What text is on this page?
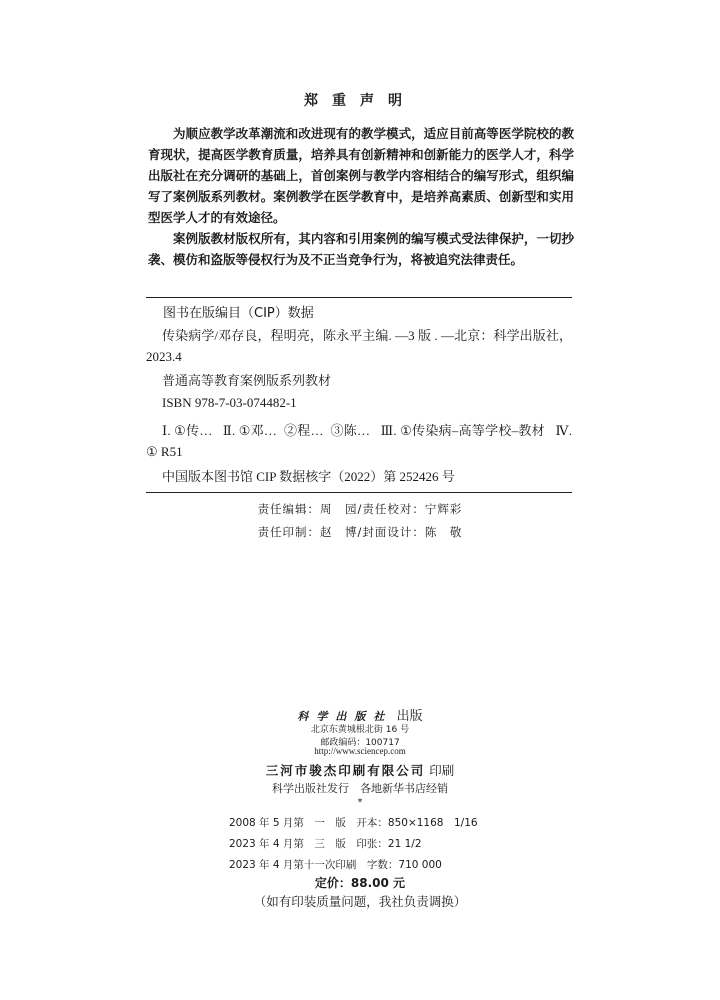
郑重声明

为顺应教学改革潮流和改进现有的教学模式，适应目前高等医学院校的教育现状，提高医学教育质量，培养具有创新精神和创新能力的医学人才，科学出版社在充分调研的基础上，首创案例与教学内容相结合的编写形式，组织编写了案例版系列教材。案例教学在医学教育中，是培养高素质、创新型和实用型医学人才的有效途径。

案例版教材版权所有，其内容和引用案例的编写模式受法律保护，一切抄袭、模仿和盗版等侵权行为及不正当竞争行为，将被追究法律责任。

图书在版编目（CIP）数据

传染病学/邓存良，程明亮，陈永平主编. —3 版 . —北京：科学出版社，2023.4

普通高等教育案例版系列教材

ISBN 978-7-03-074482-1

Ⅰ. ①传…   Ⅱ. ①邓…  ②程…  ③陈…   Ⅲ. ①传染病–高等学校–教材   Ⅳ. ① R51

中国版本图书馆 CIP 数据核字（2022）第 252426 号

责任编辑：周　园/责任校对：宁辉彩
责任印制：赵　博/封面设计：陈　敬
科学出版社 出版
北京东黄城根北街 16 号
邮政编码：100717
http://www.sciencep.com
三河市骏杰印刷有限公司 印刷
科学出版社发行　各地新华书店经销
*
2008 年 5 月第　一　版　开本：850×1168　1/16
2023 年 4 月第　三　版　印张：21 1/2
2023 年 4 月第十一次印刷　字数：710 000
定价：88.00 元
（如有印装质量问题，我社负责调换）
